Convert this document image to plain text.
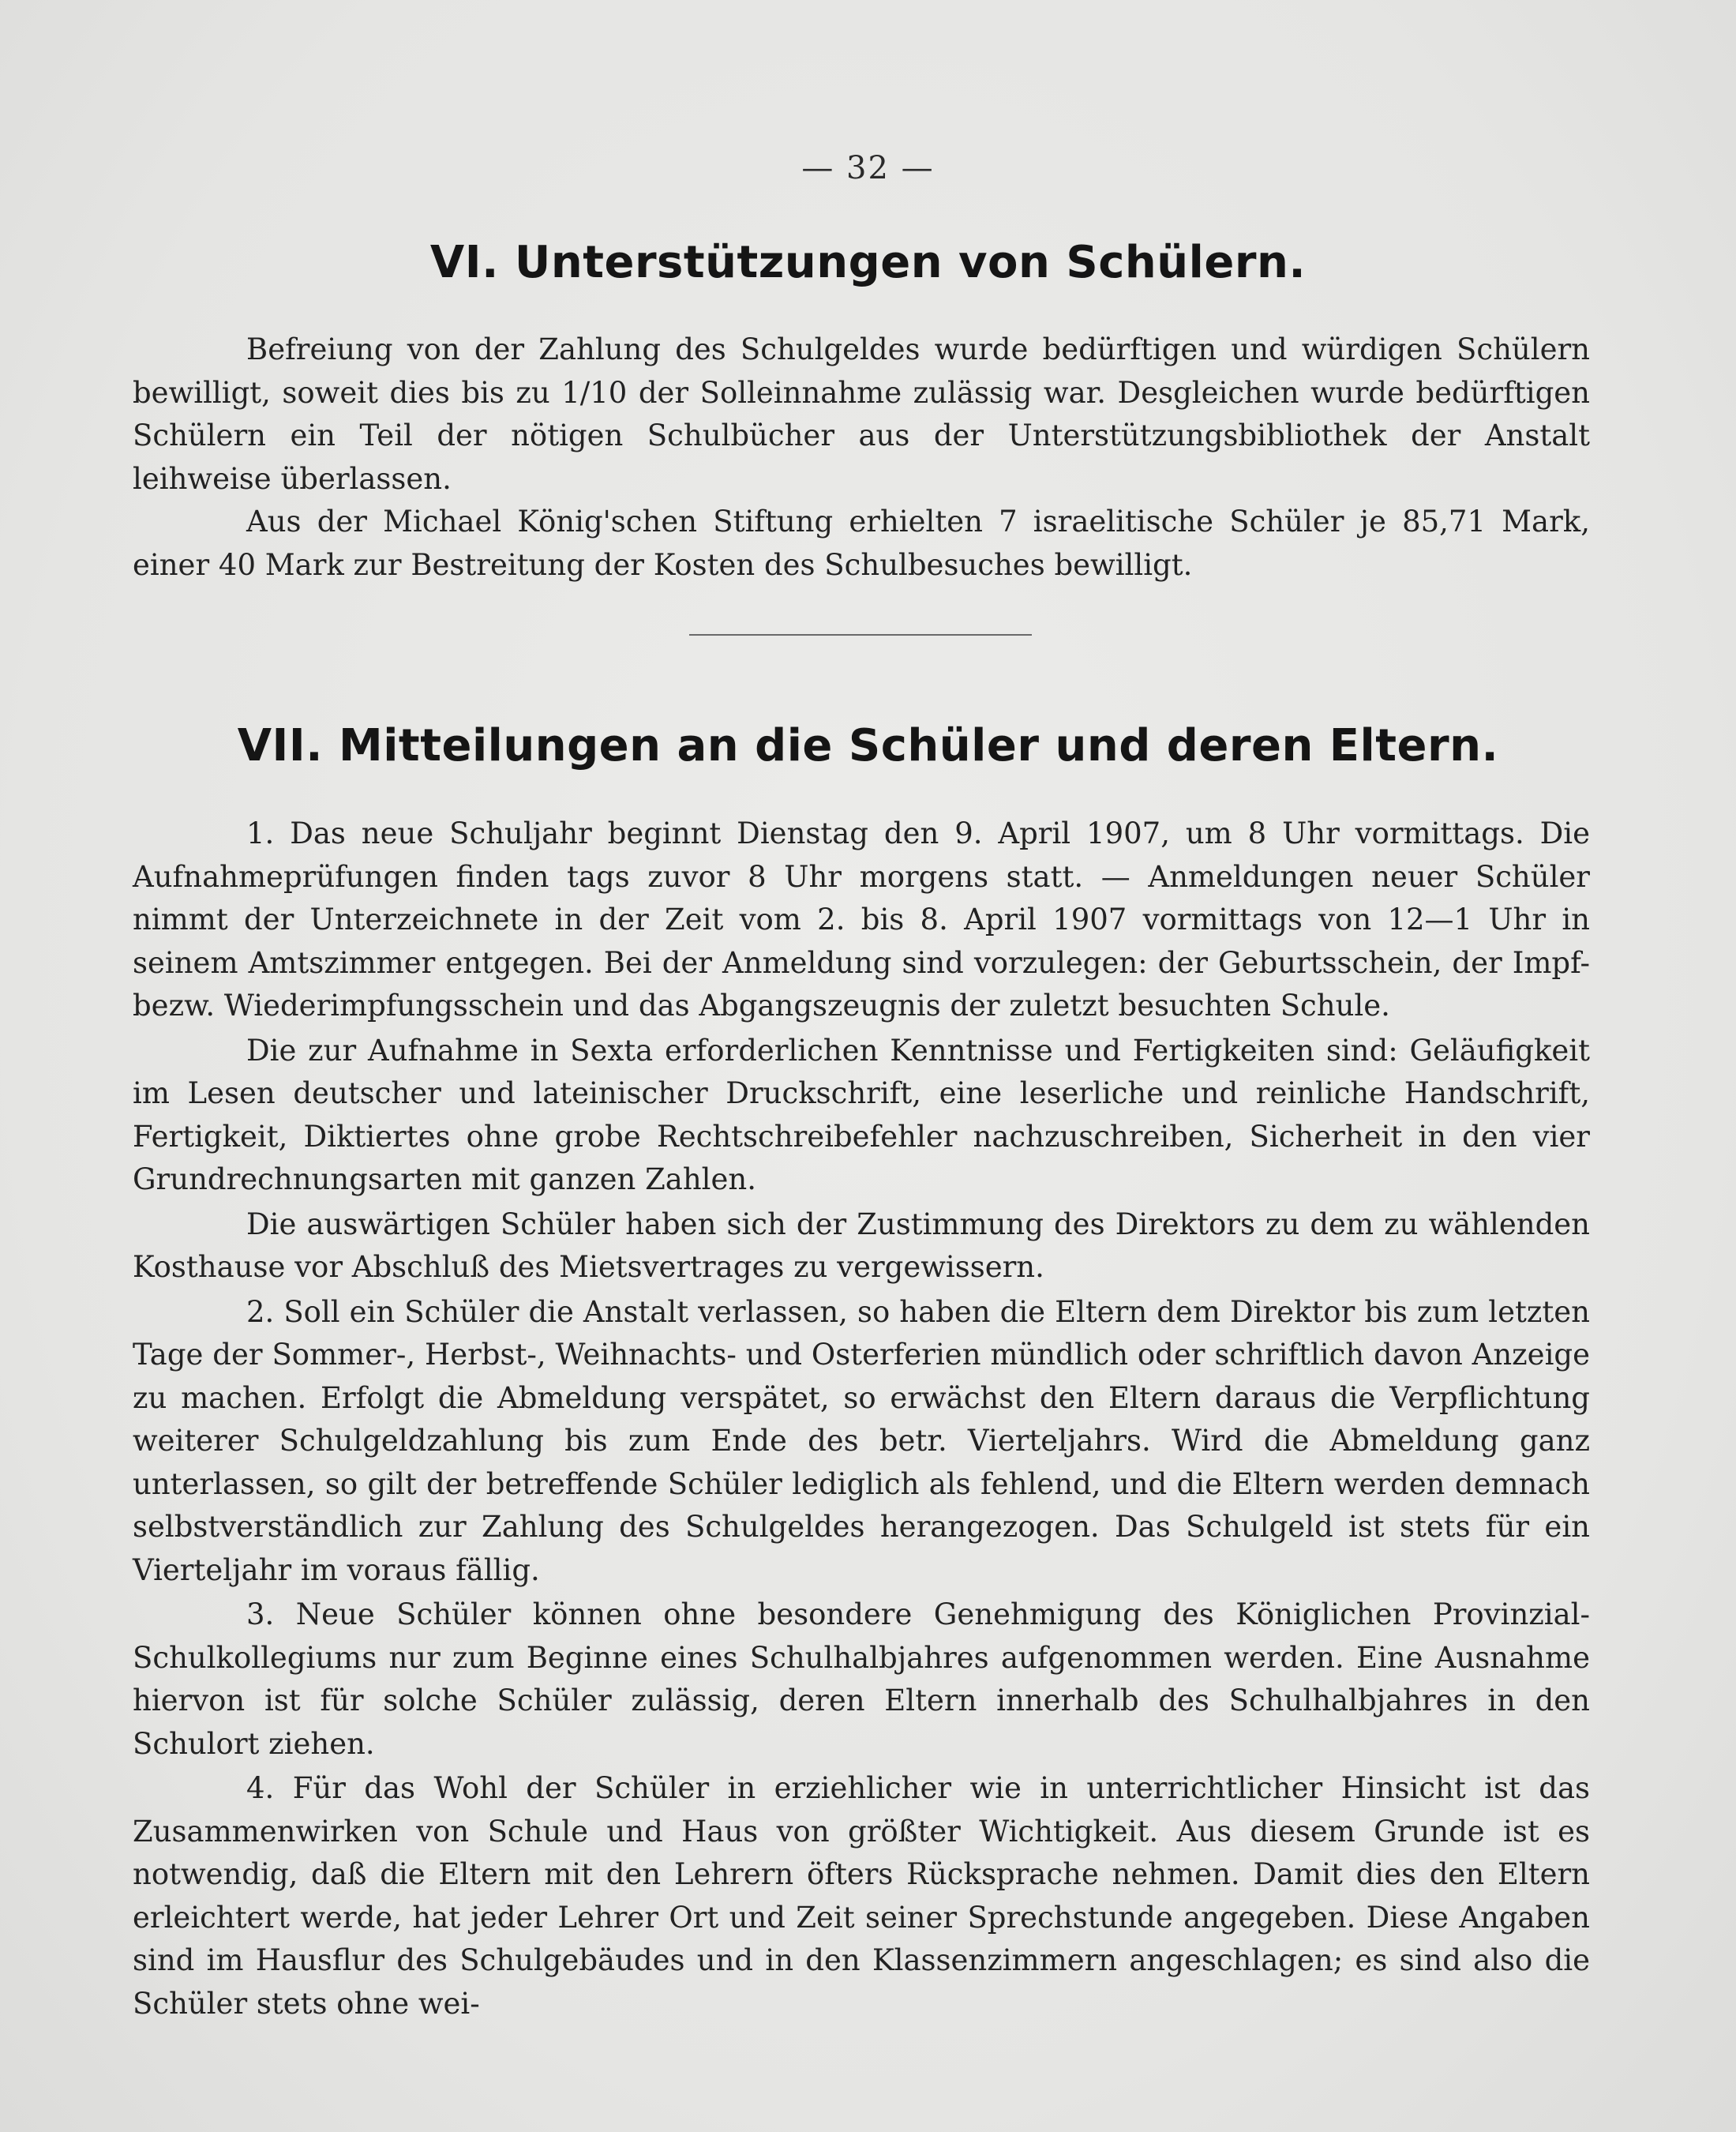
— 32 —
VI. Unterstützungen von Schülern.

Befreiung von der Zahlung des Schulgeldes wurde bedürftigen und würdigen Schülern bewilligt, soweit dies bis zu 1/10 der Solleinnahme zulässig war. Desgleichen wurde bedürftigen Schülern ein Teil der nötigen Schulbücher aus der Unterstützungsbibliothek der Anstalt leihweise überlassen.

Aus der Michael König'schen Stiftung erhielten 7 israelitische Schüler je 85,71 Mark, einer 40 Mark zur Bestreitung der Kosten des Schulbesuches bewilligt.

VII. Mitteilungen an die Schüler und deren Eltern.

1. Das neue Schuljahr beginnt Dienstag den 9. April 1907, um 8 Uhr vormittags. Die Aufnahmeprüfungen finden tags zuvor 8 Uhr morgens statt. — Anmeldungen neuer Schüler nimmt der Unterzeichnete in der Zeit vom 2. bis 8. April 1907 vormittags von 12—1 Uhr in seinem Amtszimmer entgegen. Bei der Anmeldung sind vorzulegen: der Geburtsschein, der Impf- bezw. Wiederimpfungsschein und das Abgangszeugnis der zuletzt besuchten Schule.

Die zur Aufnahme in Sexta erforderlichen Kenntnisse und Fertigkeiten sind: Geläufigkeit im Lesen deutscher und lateinischer Druckschrift, eine leserliche und reinliche Handschrift, Fertigkeit, Diktiertes ohne grobe Rechtschreibefehler nachzuschreiben, Sicherheit in den vier Grundrechnungsarten mit ganzen Zahlen.

Die auswärtigen Schüler haben sich der Zustimmung des Direktors zu dem zu wählenden Kosthause vor Abschluß des Mietsvertrages zu vergewissern.

2. Soll ein Schüler die Anstalt verlassen, so haben die Eltern dem Direktor bis zum letzten Tage der Sommer-, Herbst-, Weihnachts- und Osterferien mündlich oder schriftlich davon Anzeige zu machen. Erfolgt die Abmeldung verspätet, so erwächst den Eltern daraus die Verpflichtung weiterer Schulgeldzahlung bis zum Ende des betr. Vierteljahrs. Wird die Abmeldung ganz unterlassen, so gilt der betreffende Schüler lediglich als fehlend, und die Eltern werden demnach selbstverständlich zur Zahlung des Schulgeldes herangezogen. Das Schulgeld ist stets für ein Vierteljahr im voraus fällig.

3. Neue Schüler können ohne besondere Genehmigung des Königlichen Provinzial-Schulkollegiums nur zum Beginne eines Schulhalbjahres aufgenommen werden. Eine Ausnahme hiervon ist für solche Schüler zulässig, deren Eltern innerhalb des Schulhalbjahres in den Schulort ziehen.

4. Für das Wohl der Schüler in erziehlicher wie in unterrichtlicher Hinsicht ist das Zusammenwirken von Schule und Haus von größter Wichtigkeit. Aus diesem Grunde ist es notwendig, daß die Eltern mit den Lehrern öfters Rücksprache nehmen. Damit dies den Eltern erleichtert werde, hat jeder Lehrer Ort und Zeit seiner Sprechstunde angegeben. Diese Angaben sind im Hausflur des Schulgebäudes und in den Klassenzimmern angeschlagen; es sind also die Schüler stets ohne wei-
